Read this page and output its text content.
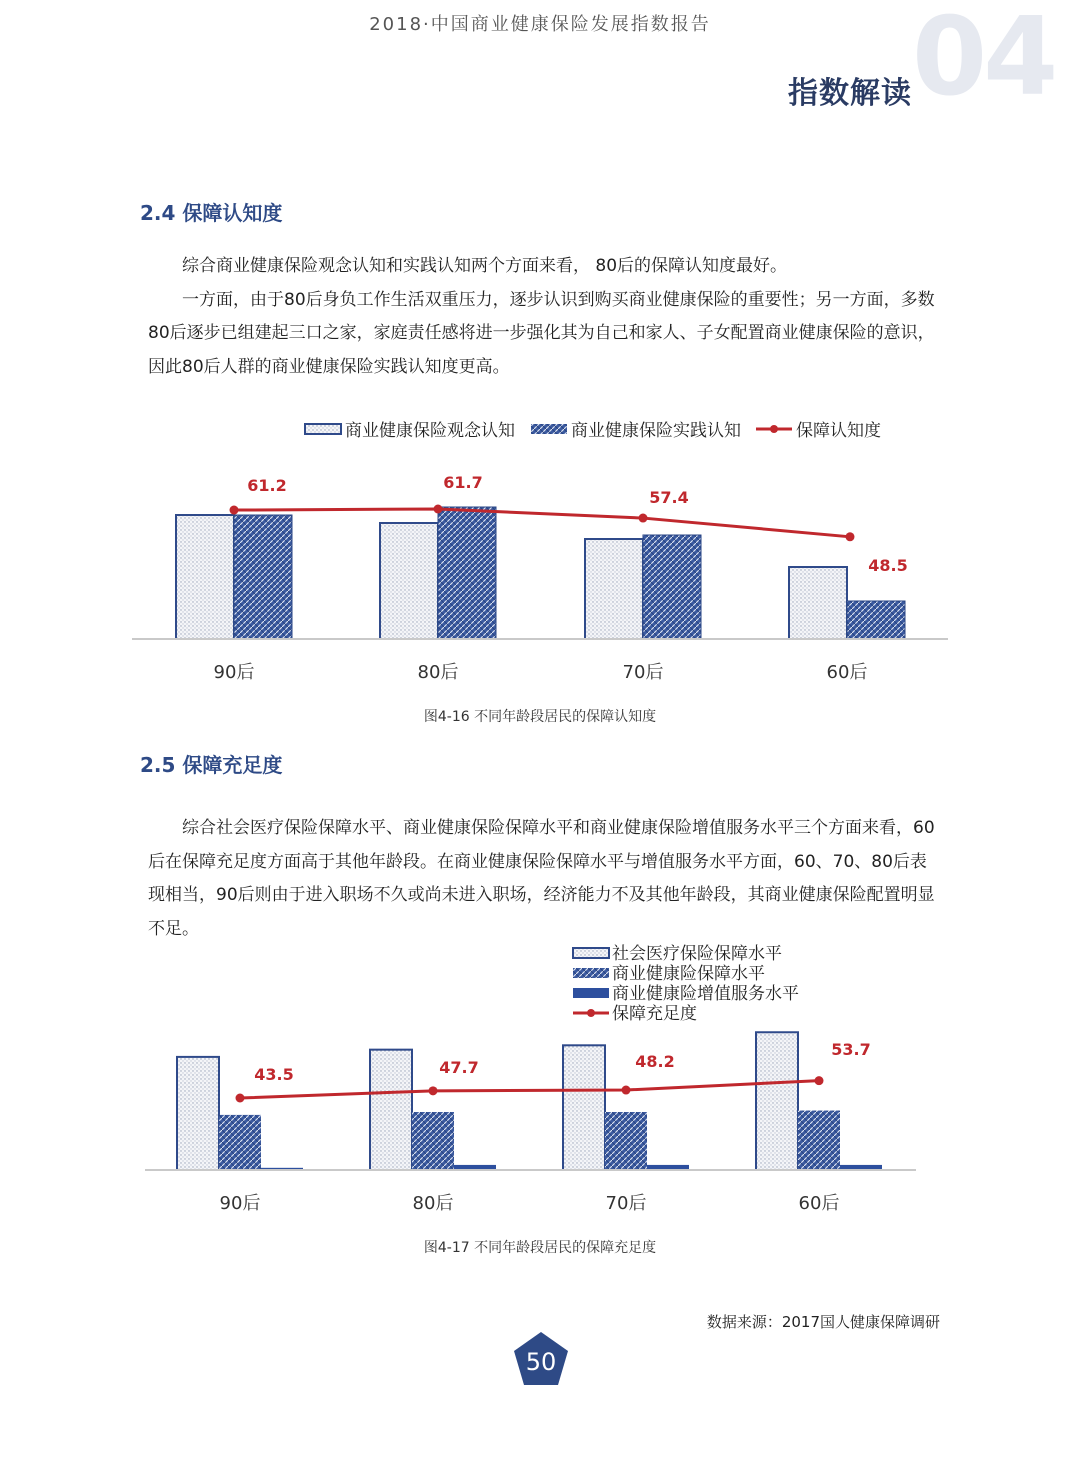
2018·中国商业健康保险发展指数报告	04
指数解读
2.4 保障认知度

综合商业健康保险观念认知和实践认知两个方面来看， 80后的保障认知度最好。

一方面，由于80后身负工作生活双重压力，逐步认识到购买商业健康保险的重要性；另一方面，多数80后逐步已组建起三口之家，家庭责任感将进一步强化其为自己和家人、子女配置商业健康保险的意识，因此80后人群的商业健康保险实践认知度更高。

商业健康保险观念认知	商业健康保险实践认知	保障认知度
90后	80后	70后	60后
61.2	61.7
57.4
48.5
图4-16 不同年龄段居民的保障认知度
2.5 保障充足度

综合社会医疗保险保障水平、商业健康保险保障水平和商业健康保险增值服务水平三个方面来看，60后在保障充足度方面高于其他年龄段。在商业健康保险保障水平与增值服务水平方面，60、70、80后表现相当，90后则由于进入职场不久或尚未进入职场，经济能力不及其他年龄段，其商业健康保险配置明显不足。

社会医疗保险保障水平
商业健康险保障水平
商业健康险增值服务水平
保障充足度
90后	80后	70后	60后
43.5	47.7	48.2
53.7
图4-17 不同年龄段居民的保障充足度
数据来源：2017国人健康保障调研
50
